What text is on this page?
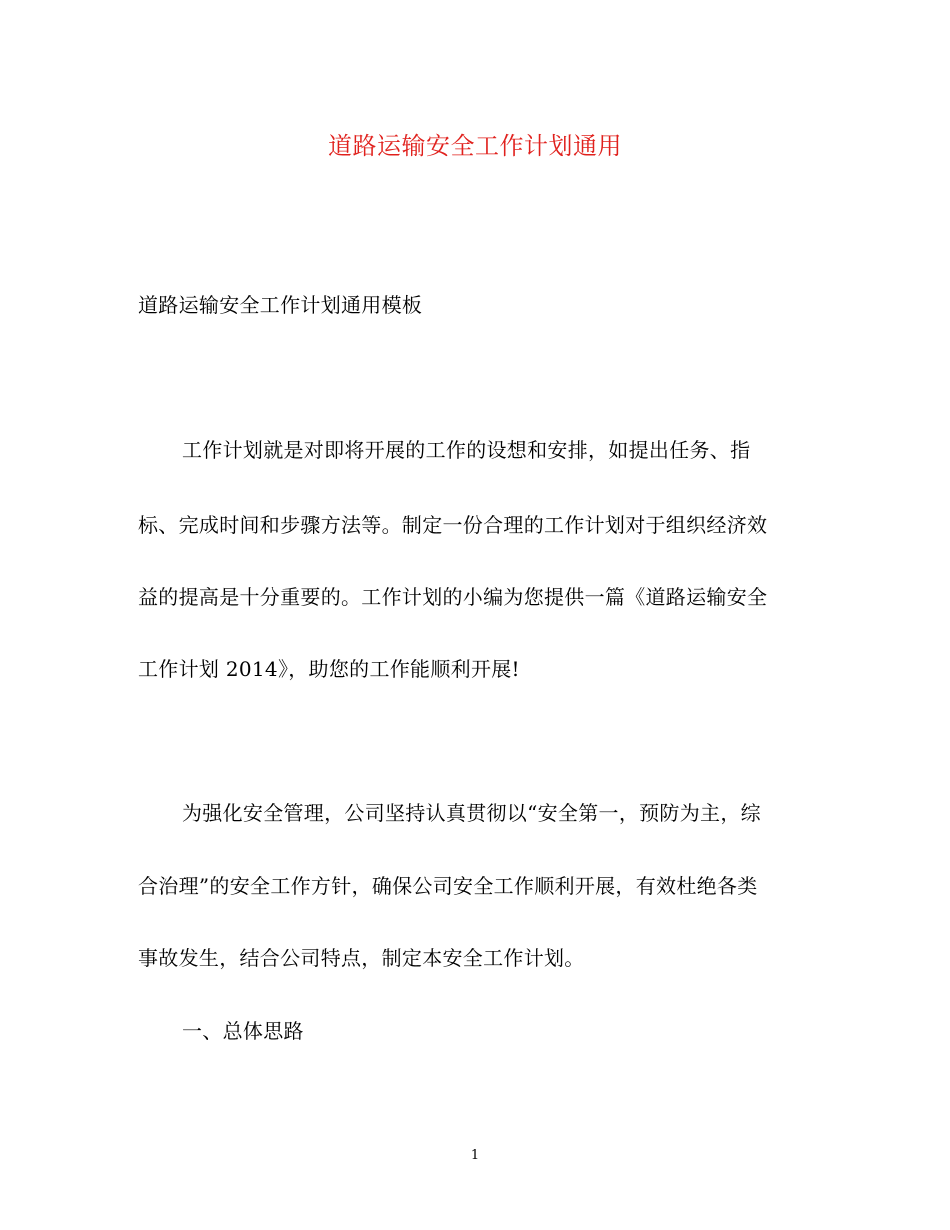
道路运输安全工作计划通用
道路运输安全工作计划通用模板
工作计划就是对即将开展的工作的设想和安排，如提出任务、指
标、完成时间和步骤方法等。制定一份合理的工作计划对于组织经济效
益的提高是十分重要的。工作计划的小编为您提供一篇《道路运输安全
工作计划 2014》，助您的工作能顺利开展!
为强化安全管理，公司坚持认真贯彻以“安全第一，预防为主，综
合治理”的安全工作方针，确保公司安全工作顺利开展，有效杜绝各类
事故发生，结合公司特点，制定本安全工作计划。
一、总体思路
1
